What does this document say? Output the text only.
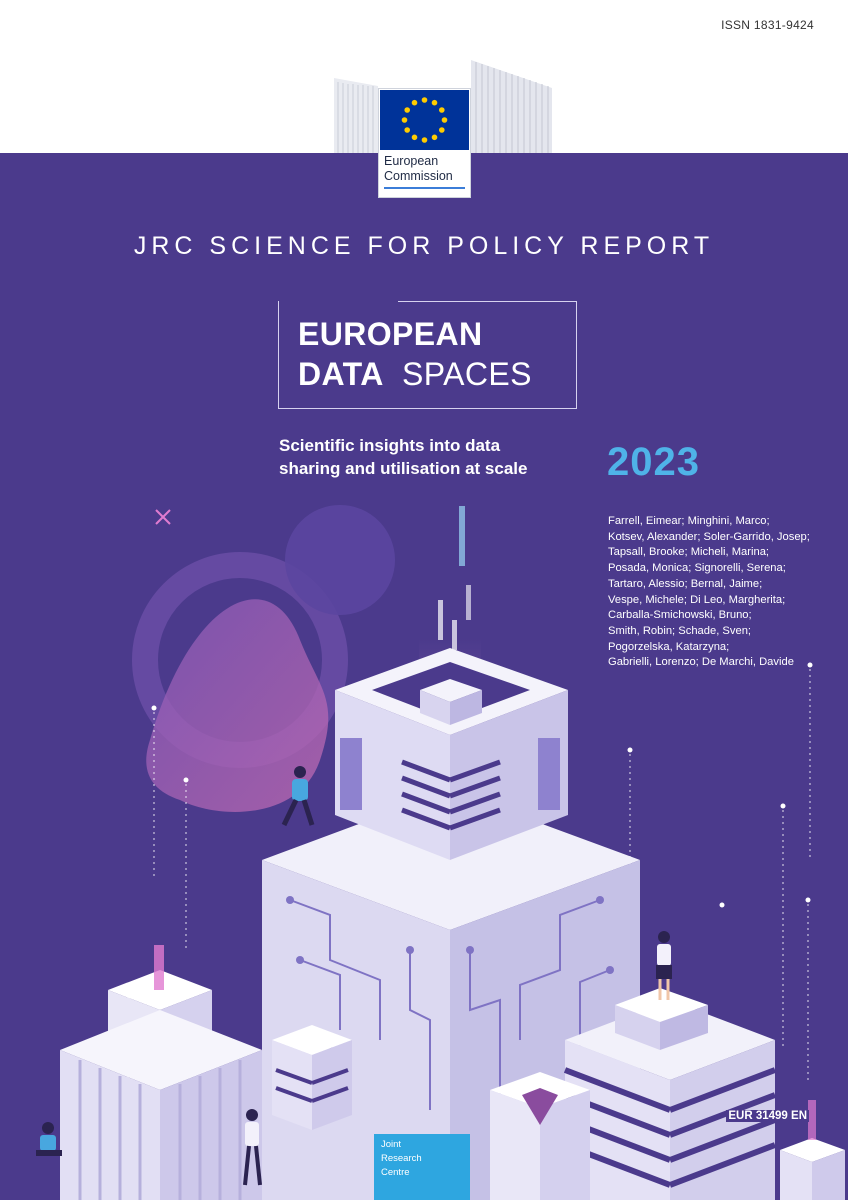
ISSN 1831-9424
European
Commission
JRC SCIENCE FOR POLICY REPORT
EUROPEAN
DATA SPACES
Scientific insights into data
sharing and utilisation at scale 2023
Farrell, Eimear; Minghini, Marco;
Kotsev, Alexander; Soler-Garrido, Josep;
Tapsall, Brooke; Micheli, Marina;
Posada, Monica; Signorelli, Serena;
Tartaro, Alessio; Bernal, Jaime;
Vespe, Michele; Di Leo, Margherita;
Carballa-Smichowski, Bruno;
Smith, Robin; Schade, Sven;
Pogorzelska, Katarzyna;
Gabrielli, Lorenzo; De Marchi, Davide
EUR 31499 EN
Joint
Research
Centre
